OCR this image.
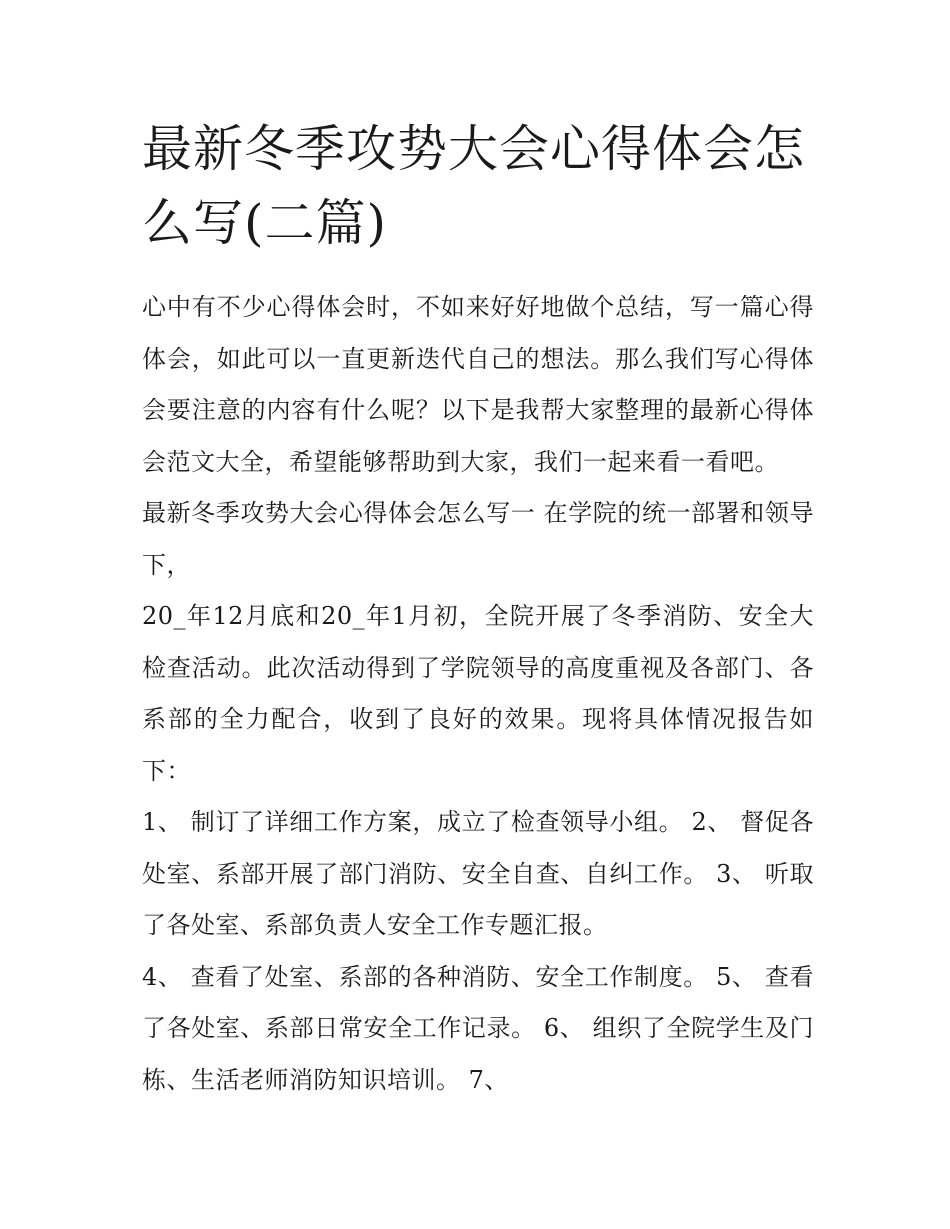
最新冬季攻势大会心得体会怎么写(二篇)

心中有不少心得体会时，不如来好好地做个总结，写一篇心得体会，如此可以一直更新迭代自己的想法。那么我们写心得体会要注意的内容有什么呢？以下是我帮大家整理的最新心得体会范文大全，希望能够帮助到大家，我们一起来看一看吧。

最新冬季攻势大会心得体会怎么写一 在学院的统一部署和领导下，

20_年12月底和20_年1月初，全院开展了冬季消防、安全大检查活动。此次活动得到了学院领导的高度重视及各部门、各系部的全力配合，收到了良好的效果。现将具体情况报告如下：

1、 制订了详细工作方案，成立了检查领导小组。 2、 督促各处室、系部开展了部门消防、安全自查、自纠工作。 3、 听取了各处室、系部负责人安全工作专题汇报。

4、 查看了处室、系部的各种消防、安全工作制度。 5、 查看了各处室、系部日常安全工作记录。 6、 组织了全院学生及门栋、生活老师消防知识培训。 7、
